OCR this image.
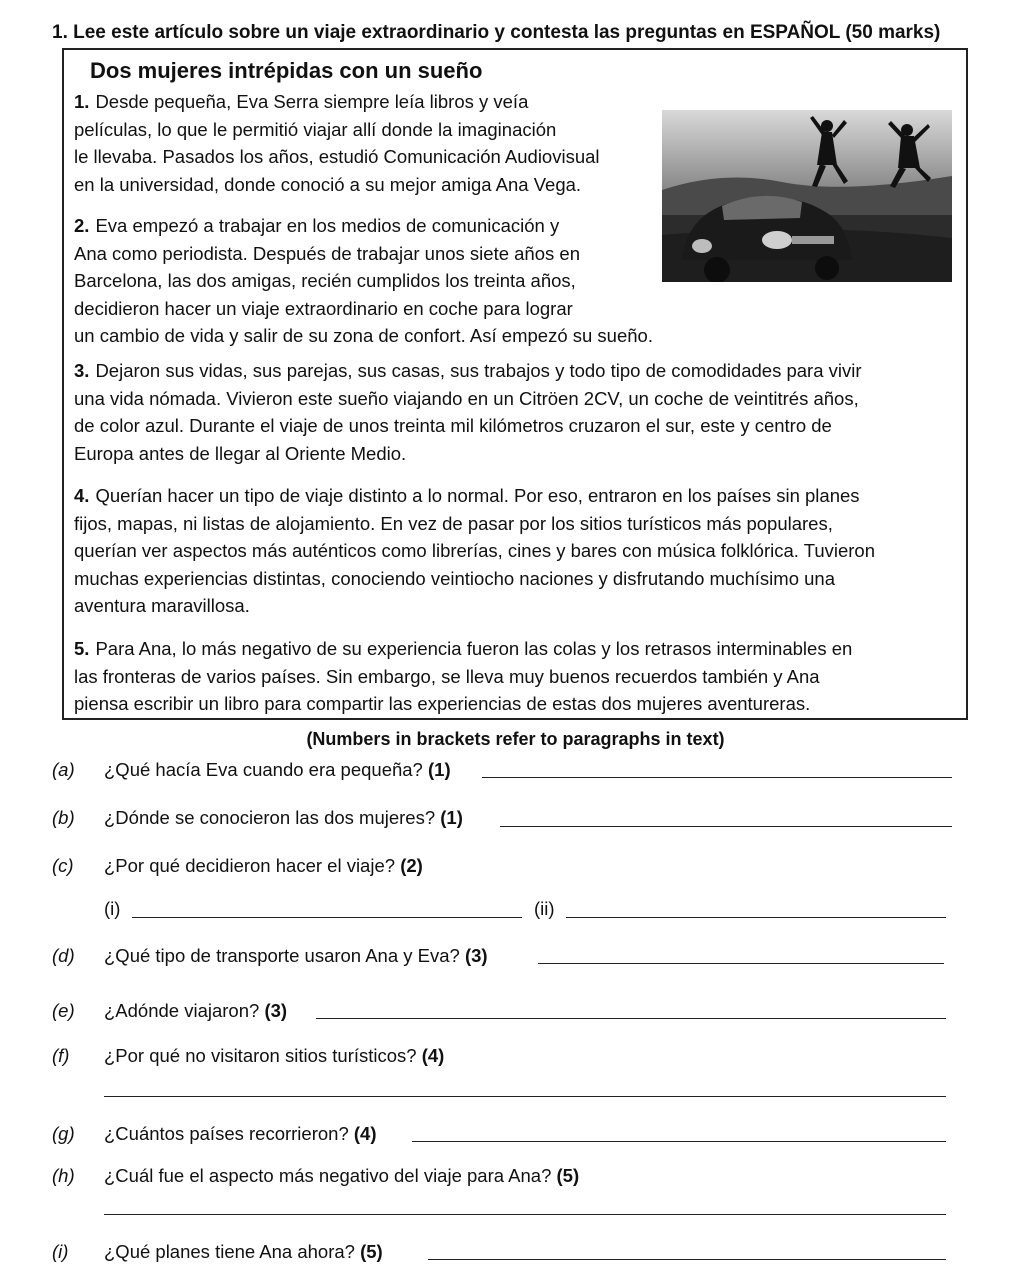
1. Lee este artículo sobre un viaje extraordinario y contesta las preguntas en ESPAÑOL (50 marks)
Dos mujeres intrépidas con un sueño
1. Desde pequeña, Eva Serra siempre leía libros y veía
películas, lo que le permitió viajar allí donde la imaginación
le llevaba. Pasados los años, estudió Comunicación Audiovisual
en la universidad, donde conoció a su mejor amiga Ana Vega.
2. Eva empezó a trabajar en los medios de comunicación y
Ana como periodista. Después de trabajar unos siete años en
Barcelona, las dos amigas, recién cumplidos los treinta años,
decidieron hacer un viaje extraordinario en coche para lograr
un cambio de vida y salir de su zona de confort. Así empezó su sueño.
3. Dejaron sus vidas, sus parejas, sus casas, sus trabajos y todo tipo de comodidades para vivir
una vida nómada. Vivieron este sueño viajando en un Citröen 2CV, un coche de veintitrés años,
de color azul. Durante el viaje de unos treinta mil kilómetros cruzaron el sur, este y centro de
Europa antes de llegar al Oriente Medio.
4. Querían hacer un tipo de viaje distinto a lo normal. Por eso, entraron en los países sin planes
fijos, mapas, ni listas de alojamiento. En vez de pasar por los sitios turísticos más populares,
querían ver aspectos más auténticos como librerías, cines y bares con música folklórica. Tuvieron
muchas experiencias distintas, conociendo veintiocho naciones y disfrutando muchísimo una
aventura maravillosa.
5. Para Ana, lo más negativo de su experiencia fueron las colas y los retrasos interminables en
las fronteras de varios países. Sin embargo, se lleva muy buenos recuerdos también y Ana
piensa escribir un libro para compartir las experiencias de estas dos mujeres aventureras.
(Numbers in brackets refer to paragraphs in text)
(a) ¿Qué hacía Eva cuando era pequeña? (1)
(b) ¿Dónde se conocieron las dos mujeres? (1)
(c) ¿Por qué decidieron hacer el viaje? (2)
(i)	(ii)
(d) ¿Qué tipo de transporte usaron Ana y Eva? (3)
(e) ¿Adónde viajaron? (3)
(f) ¿Por qué no visitaron sitios turísticos? (4)
(g) ¿Cuántos países recorrieron? (4)
(h) ¿Cuál fue el aspecto más negativo del viaje para Ana? (5)
(i) ¿Qué planes tiene Ana ahora? (5)
